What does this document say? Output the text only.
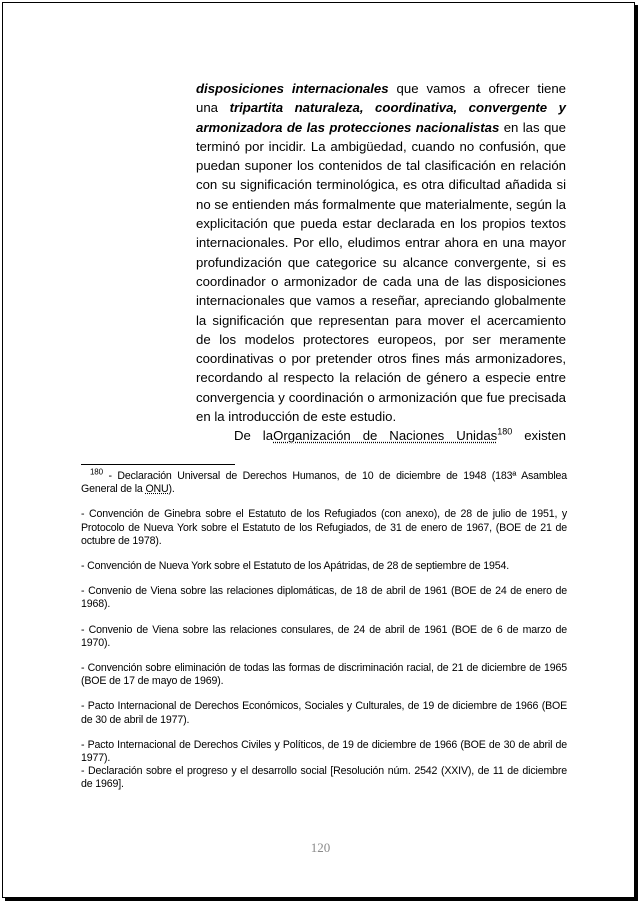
disposiciones internacionales que vamos a ofrecer tiene una tripartita naturaleza, coordinativa, convergente y armonizadora de las protecciones nacionalistas en las que terminó por incidir. La ambigüedad, cuando no confusión, que puedan suponer los contenidos de tal clasificación en relación con su significación terminológica, es otra dificultad añadida si no se entienden más formalmente que materialmente, según la explicitación que pueda estar declarada en los propios textos internacionales. Por ello, eludimos entrar ahora en una mayor profundización que categorice su alcance convergente, si es coordinador o armonizador de cada una de las disposiciones internacionales que vamos a reseñar, apreciando globalmente la significación que representan para mover el acercamiento de los modelos protectores europeos, por ser meramente coordinativas o por pretender otros fines más armonizadores, recordando al respecto la relación de género a especie entre convergencia y coordinación o armonización que fue precisada en la introducción de este estudio.

De laOrganización de Naciones Unidas$^{180}$ existen

$^{180}$ - Declaración Universal de Derechos Humanos, de 10 de diciembre de 1948 (183ª Asamblea General de la ONU).

- Convención de Ginebra sobre el Estatuto de los Refugiados (con anexo), de 28 de julio de 1951, y Protocolo de Nueva York sobre el Estatuto de los Refugiados, de 31 de enero de 1967, (BOE de 21 de octubre de 1978).

- Convención de Nueva York sobre el Estatuto de los Apátridas, de 28 de septiembre de 1954.

- Convenio de Viena sobre las relaciones diplomáticas, de 18 de abril de 1961 (BOE de 24 de enero de 1968).

- Convenio de Viena sobre las relaciones consulares, de 24 de abril de 1961 (BOE de 6 de marzo de 1970).

- Convención sobre eliminación de todas las formas de discriminación racial, de 21 de diciembre de 1965 (BOE de 17 de mayo de 1969).

- Pacto Internacional de Derechos Económicos, Sociales y Culturales, de 19 de diciembre de 1966 (BOE de 30 de abril de 1977).

- Pacto Internacional de Derechos Civiles y Políticos, de 19 de diciembre de 1966 (BOE de 30 de abril de 1977).

- Declaración sobre el progreso y el desarrollo social [Resolución núm. 2542 (XXIV), de 11 de diciembre de 1969].

120
